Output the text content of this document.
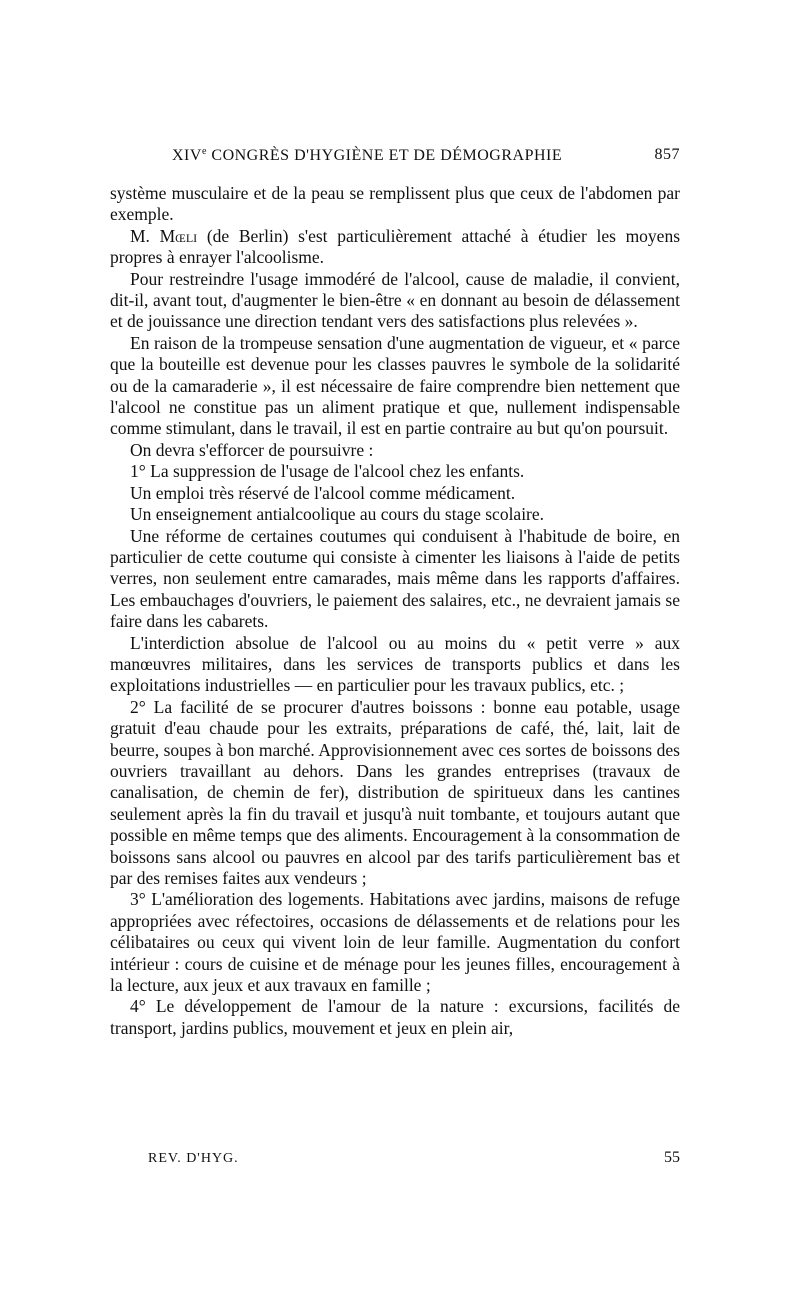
XIVe CONGRÈS D'HYGIÈNE ET DE DÉMOGRAPHIE	857

système musculaire et de la peau se remplissent plus que ceux de l'abdomen par exemple.

M. Mœli (de Berlin) s'est particulièrement attaché à étudier les moyens propres à enrayer l'alcoolisme.

Pour restreindre l'usage immodéré de l'alcool, cause de maladie, il convient, dit-il, avant tout, d'augmenter le bien-être « en donnant au besoin de délassement et de jouissance une direction tendant vers des satisfactions plus relevées ».

En raison de la trompeuse sensation d'une augmentation de vigueur, et « parce que la bouteille est devenue pour les classes pauvres le symbole de la solidarité ou de la camaraderie », il est nécessaire de faire comprendre bien nettement que l'alcool ne constitue pas un aliment pratique et que, nullement indispensable comme stimulant, dans le travail, il est en partie contraire au but qu'on poursuit.

On devra s'efforcer de poursuivre :

1° La suppression de l'usage de l'alcool chez les enfants.

Un emploi très réservé de l'alcool comme médicament.

Un enseignement antialcoolique au cours du stage scolaire.

Une réforme de certaines coutumes qui conduisent à l'habitude de boire, en particulier de cette coutume qui consiste à cimenter les liaisons à l'aide de petits verres, non seulement entre camarades, mais même dans les rapports d'affaires. Les embauchages d'ouvriers, le paiement des salaires, etc., ne devraient jamais se faire dans les cabarets.

L'interdiction absolue de l'alcool ou au moins du « petit verre » aux manœuvres militaires, dans les services de transports publics et dans les exploitations industrielles — en particulier pour les travaux publics, etc. ;

2° La facilité de se procurer d'autres boissons : bonne eau potable, usage gratuit d'eau chaude pour les extraits, préparations de café, thé, lait, lait de beurre, soupes à bon marché. Approvisionnement avec ces sortes de boissons des ouvriers travaillant au dehors. Dans les grandes entreprises (travaux de canalisation, de chemin de fer), distribution de spiritueux dans les cantines seulement après la fin du travail et jusqu'à nuit tombante, et toujours autant que possible en même temps que des aliments. Encouragement à la consommation de boissons sans alcool ou pauvres en alcool par des tarifs particulièrement bas et par des remises faites aux vendeurs ;

3° L'amélioration des logements. Habitations avec jardins, maisons de refuge appropriées avec réfectoires, occasions de délassements et de relations pour les célibataires ou ceux qui vivent loin de leur famille. Augmentation du confort intérieur : cours de cuisine et de ménage pour les jeunes filles, encouragement à la lecture, aux jeux et aux travaux en famille ;

4° Le développement de l'amour de la nature : excursions, facilités de transport, jardins publics, mouvement et jeux en plein air,

REV. D'HYG.	55
